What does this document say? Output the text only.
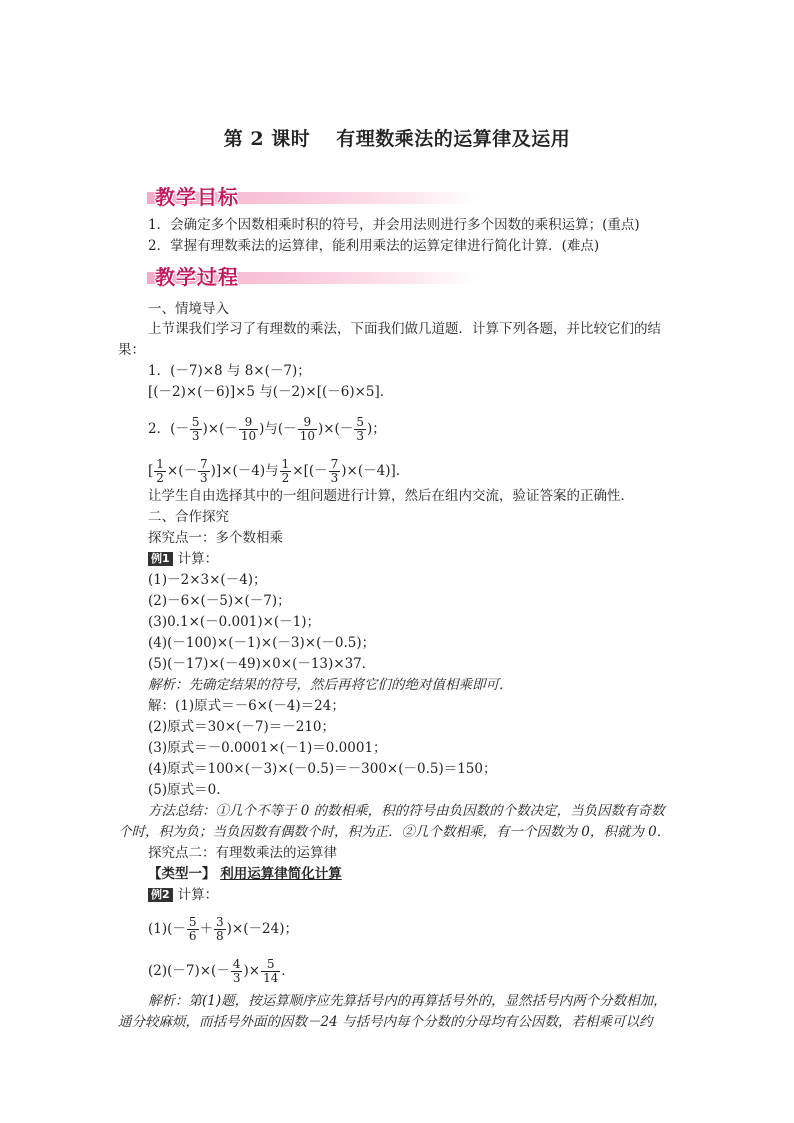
第 2 课时 有理数乘法的运算律及运用
教学目标
1．会确定多个因数相乘时积的符号，并会用法则进行多个因数的乘积运算；(重点)
2．掌握有理数乘法的运算律，能利用乘法的运算定律进行简化计算．(难点)
教学过程
一、情境导入
上节课我们学习了有理数的乘法，下面我们做几道题．计算下列各题，并比较它们的结
果：
1．(－7)×8 与 8×(－7)；
[(－2)×(－6)]×5 与(－2)×[(－6)×5]．
2．(－ $\frac{5}{3}$ )×(－ $\frac{9}{10}$ )与(－ $\frac{9}{10}$ )×(－ $\frac{5}{3}$ )；
[ $\frac{1}{2}$ ×(－ $\frac{7}{3} )]\times(-4)$与 $\frac{1}{2}$ ×[(－ $\frac{7}{3} )\times(-4)$]．
让学生自由选择其中的一组问题进行计算，然后在组内交流，验证答案的正确性．
二、合作探究
探究点一：多个数相乘
例1 计算：
(1)－2×3×(－4)；
(2)－6×(－5)×(－7)；
(3)0.1×(－0.001)×(－1)；
(4)(－100)×(－1)×(－3)×(－0.5)；
(5)(－17)×(－49)×0×(－13)×37．
解析：先确定结果的符号，然后再将它们的绝对值相乘即可．
解：(1)原式＝－6×(－4)＝24；
(2)原式＝30×(－7)＝－210；
(3)原式＝－0.0001×(－1)＝0.0001；
(4)原式＝100×(－3)×(－0.5)＝－300×(－0.5)＝150；
(5)原式＝0.
方法总结：①几个不等于 0 的数相乘，积的符号由负因数的个数决定，当负因数有奇数
个时，积为负；当负因数有偶数个时，积为正．②几个数相乘，有一个因数为 0，积就为 0．
探究点二：有理数乘法的运算律
【类型一】 利用运算律简化计算
例2 计算：
$(1)(- \frac{5}{6} + \frac{3}{8} )\times(-24)$；
$(2)(-7)\times(- \frac{4}{3}$ )× $\frac{5}{14}$ ．
解析：第(1)题，按运算顺序应先算括号内的再算括号外的，显然括号内两个分数相加，
通分较麻烦，而括号外面的因数－24 与括号内每个分数的分母均有公因数，若相乘可以约
